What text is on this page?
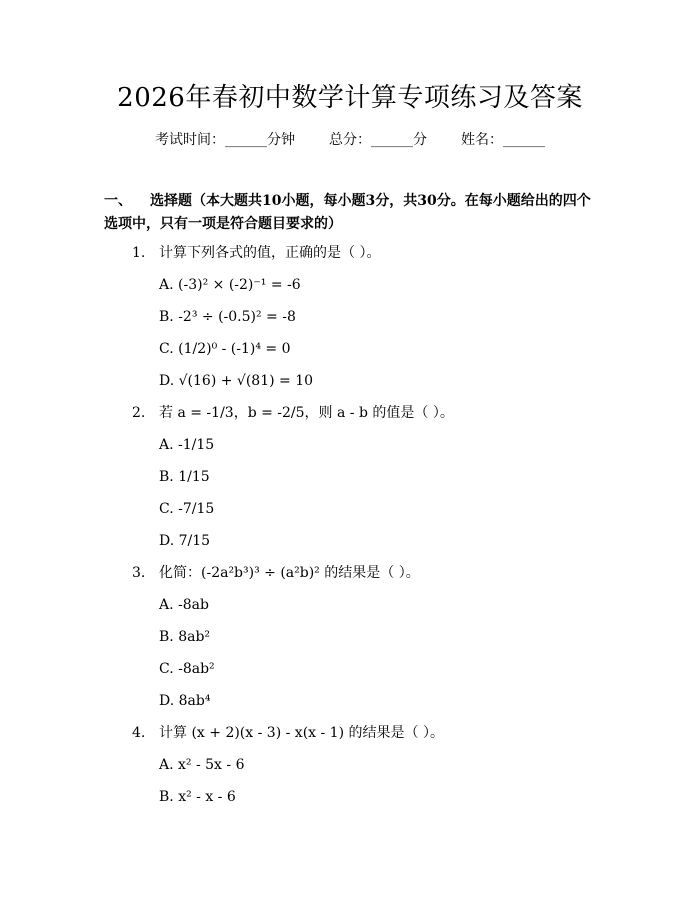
2026年春初中数学计算专项练习及答案
考试时间：______分钟 总分：______分 姓名：______
一、 选择题（本大题共10小题，每小题3分，共30分。在每小题给出的四个选项中，只有一项是符合题目要求的）
1. 计算下列各式的值，正确的是（ ）。
A. (-3)² × (-2)⁻¹ = -6
B. -2³ ÷ (-0.5)² = -8
C. (1/2)⁰ - (-1)⁴ = 0
D. √(16) + √(81) = 10
2. 若 a = -1/3，b = -2/5，则 a - b 的值是（ ）。
A. -1/15
B. 1/15
C. -7/15
D. 7/15
3. 化简：(-2a²b³)³ ÷ (a²b)² 的结果是（ ）。
A. -8ab
B. 8ab²
C. -8ab²
D. 8ab⁴
4. 计算 (x + 2)(x - 3) - x(x - 1) 的结果是（ ）。
A. x² - 5x - 6
B. x² - x - 6
